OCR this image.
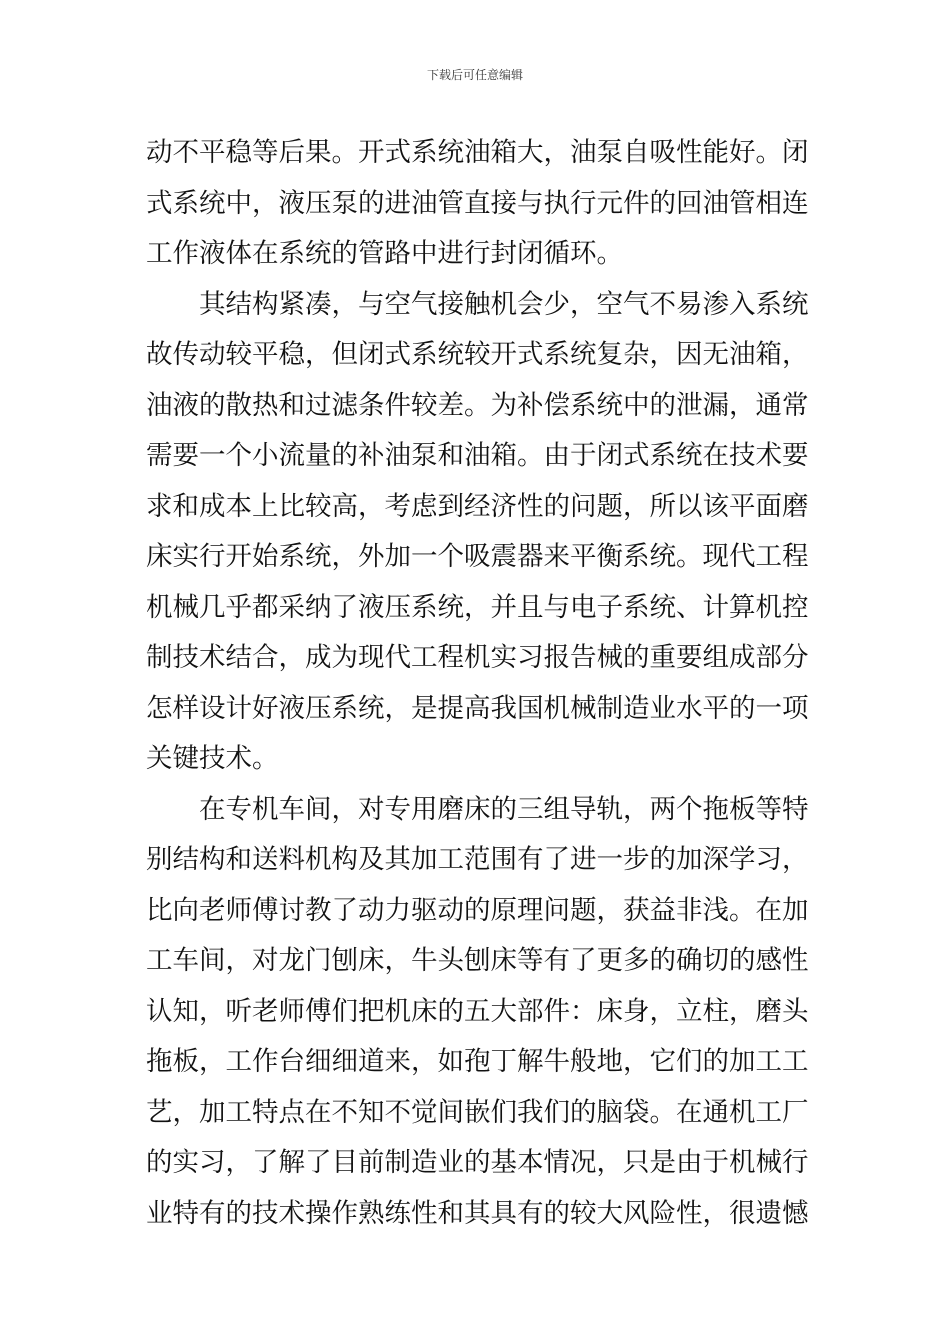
下载后可任意编辑
动不平稳等后果。开式系统油箱大，油泵自吸性能好。闭
式系统中，液压泵的进油管直接与执行元件的回油管相连
工作液体在系统的管路中进行封闭循环。
　　其结构紧凑，与空气接触机会少，空气不易渗入系统
故传动较平稳，但闭式系统较开式系统复杂，因无油箱，
油液的散热和过滤条件较差。为补偿系统中的泄漏，通常
需要一个小流量的补油泵和油箱。由于闭式系统在技术要
求和成本上比较高，考虑到经济性的问题，所以该平面磨
床实行开始系统，外加一个吸震器来平衡系统。现代工程
机械几乎都采纳了液压系统，并且与电子系统、计算机控
制技术结合，成为现代工程机实习报告械的重要组成部分
怎样设计好液压系统，是提高我国机械制造业水平的一项
关键技术。
　　在专机车间，对专用磨床的三组导轨，两个拖板等特
别结构和送料机构及其加工范围有了进一步的加深学习，
比向老师傅讨教了动力驱动的原理问题，获益非浅。在加
工车间，对龙门刨床，牛头刨床等有了更多的确切的感性
认知，听老师傅们把机床的五大部件：床身，立柱，磨头
拖板，工作台细细道来，如孢丁解牛般地，它们的加工工
艺，加工特点在不知不觉间嵌们我们的脑袋。在通机工厂
的实习，了解了目前制造业的基本情况，只是由于机械行
业特有的技术操作熟练性和其具有的较大风险性，很遗憾
